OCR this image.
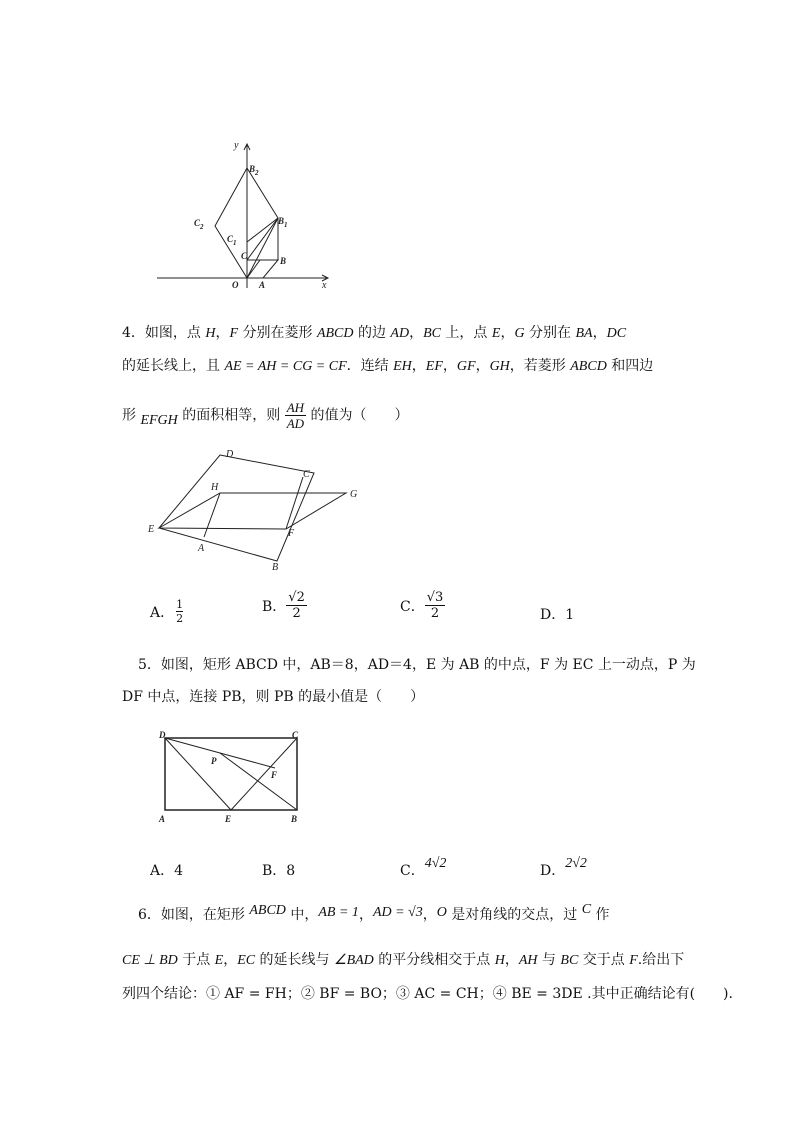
y
x
$B_2$
$C_2$
$B_1$
$C_1$
C	B
O A
4．如图，点 H，F 分别在菱形 ABCD 的边 AD，BC 上，点 E，G 分别在 BA，DC
的延长线上，且 AE = AH = CG = CF．连结 EH，EF，GF，GH，若菱形 ABCD 和四边
形 EFGH 的面积相等，则 $\frac{AH}{AD}$ 的值为（　　）
D
C
H
G
E
A
F
B
A． $\frac{1}{2}$	B． $\frac{√2}{2}$	C． $\frac{√3}{2}$	D．1
5．如图，矩形 ABCD 中，AB＝8，AD＝4，E 为 AB 的中点，F 为 EC 上一动点，P 为
DF 中点，连接 PB，则 PB 的最小值是（　　）
D	C
P
F
A	E	B
A．4	B．8	C．4√2	D．2√2
6．如图，在矩形 ABCD 中，AB = 1，AD = √3，O 是对角线的交点，过 C 作
CE ⊥ BD 于点 E，EC 的延长线与 ∠BAD 的平分线相交于点 H，AH 与 BC 交于点 F.给出下
列四个结论：① AF = FH；② BF = BO；③ AC = CH；④ BE = 3DE .其中正确结论有(　　).
